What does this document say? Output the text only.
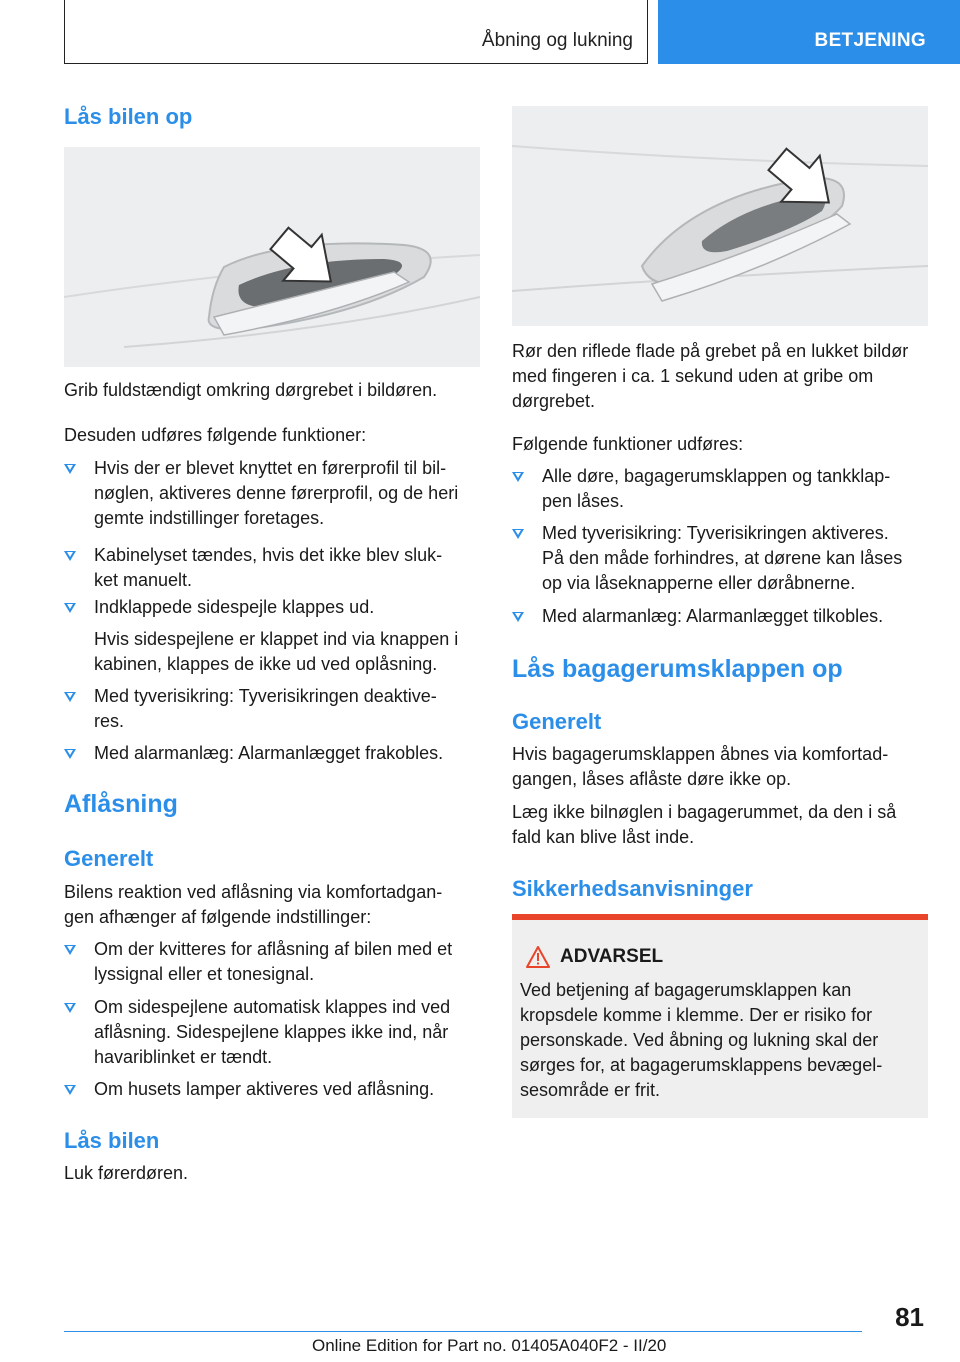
Åbning og lukning	BETJENING
Lås bilen op
Grib fuldstændigt omkring dørgrebet i bildøren.
Desuden udføres følgende funktioner:
Hvis der er blevet knyttet en førerprofil til bil-
nøglen, aktiveres denne førerprofil, og de heri
gemte indstillinger foretages.
Kabinelyset tændes, hvis det ikke blev sluk-
ket manuelt.
Indklappede sidespejle klappes ud.
Hvis sidespejlene er klappet ind via knappen i
kabinen, klappes de ikke ud ved oplåsning.
Med tyverisikring: Tyverisikringen deaktive-
res.
Med alarmanlæg: Alarmanlægget frakobles.
Aflåsning
Generelt
Bilens reaktion ved aflåsning via komfortadgan-
gen afhænger af følgende indstillinger:
Om der kvitteres for aflåsning af bilen med et
lyssignal eller et tonesignal.
Om sidespejlene automatisk klappes ind ved
aflåsning. Sidespejlene klappes ikke ind, når
havariblinket er tændt.
Om husets lamper aktiveres ved aflåsning.
Lås bilen
Luk førerdøren.
Rør den riflede flade på grebet på en lukket bildør
med fingeren i ca. 1 sekund uden at gribe om
dørgrebet.
Følgende funktioner udføres:
Alle døre, bagagerumsklappen og tankklap-
pen låses.
Med tyverisikring: Tyverisikringen aktiveres.
På den måde forhindres, at dørene kan låses
op via låseknapperne eller døråbnerne.
Med alarmanlæg: Alarmanlægget tilkobles.
Lås bagagerumsklappen op
Generelt
Hvis bagagerumsklappen åbnes via komfortad-
gangen, låses aflåste døre ikke op.
Læg ikke bilnøglen i bagagerummet, da den i så
fald kan blive låst inde.
Sikkerhedsanvisninger
ADVARSEL
Ved betjening af bagagerumsklappen kan
kropsdele komme i klemme. Der er risiko for
personskade. Ved åbning og lukning skal der
sørges for, at bagagerumsklappens bevægel-
sesområde er frit.
81
Online Edition for Part no. 01405A040F2 - II/20
